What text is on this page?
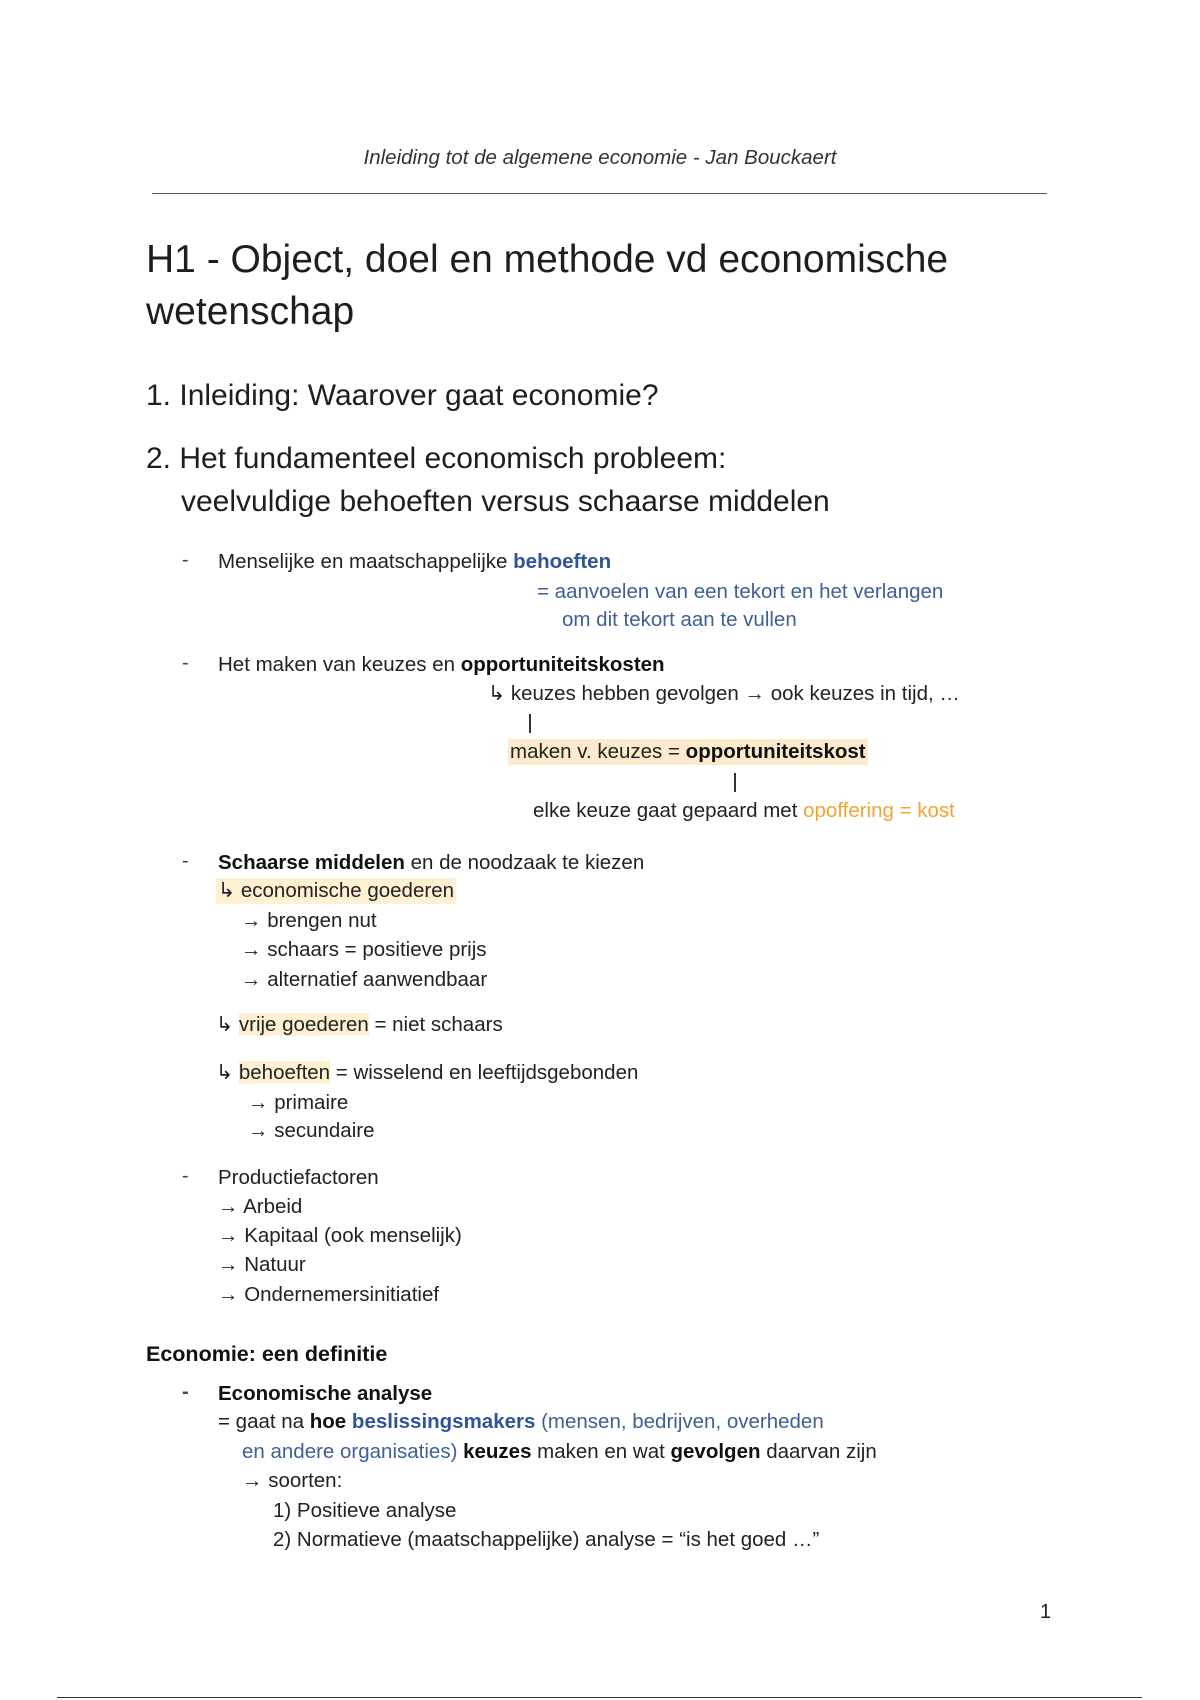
Inleiding tot de algemene economie - Jan Bouckaert
H1 - Object, doel en methode vd economische wetenschap
1. Inleiding: Waarover gaat economie?
2. Het fundamenteel economisch probleem:
veelvuldige behoeften versus schaarse middelen
- Menselijke en maatschappelijke behoeften
= aanvoelen van een tekort en het verlangen
om dit tekort aan te vullen
- Het maken van keuzes en opportuniteitskosten
↳ keuzes hebben gevolgen → ook keuzes in tijd, …
maken v. keuzes = opportuniteitskost
elke keuze gaat gepaard met opoffering = kost
- Schaarse middelen en de noodzaak te kiezen
↳ economische goederen
→ brengen nut
→ schaars = positieve prijs
→ alternatief aanwendbaar
↳ vrije goederen = niet schaars
↳ behoeften = wisselend en leeftijdsgebonden
→ primaire
→ secundaire
- Productiefactoren
→ Arbeid
→ Kapitaal (ook menselijk)
→ Natuur
→ Ondernemersinitiatief
Economie: een definitie
- Economische analyse
= gaat na hoe beslissingsmakers (mensen, bedrijven, overheden
en andere organisaties) keuzes maken en wat gevolgen daarvan zijn
→ soorten:
1) Positieve analyse
2) Normatieve (maatschappelijke) analyse = “is het goed …”
1
